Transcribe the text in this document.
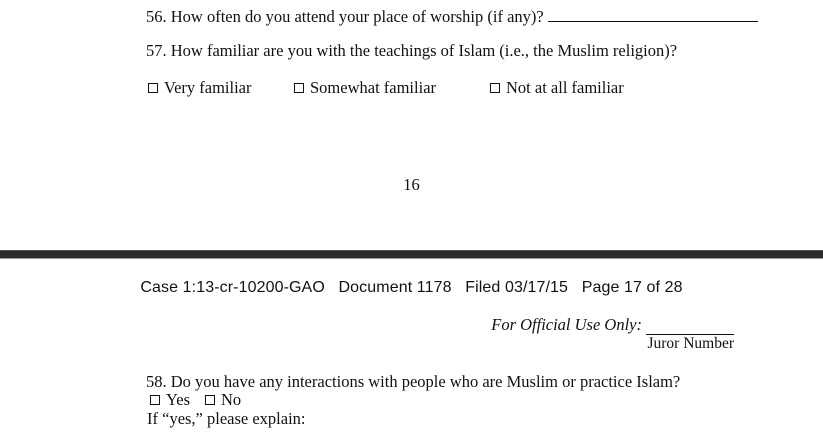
56. How often do you attend your place of worship (if any)?
57. How familiar are you with the teachings of Islam (i.e., the Muslim religion)?
Very familiar	Somewhat familiar	Not at all familiar
16
Case 1:13-cr-10200-GAO Document 1178 Filed 03/17/15 Page 17 of 28
For Official Use Only:
Juror Number
58. Do you have any interactions with people who are Muslim or practice Islam?
Yes No
If “yes,” please explain:
